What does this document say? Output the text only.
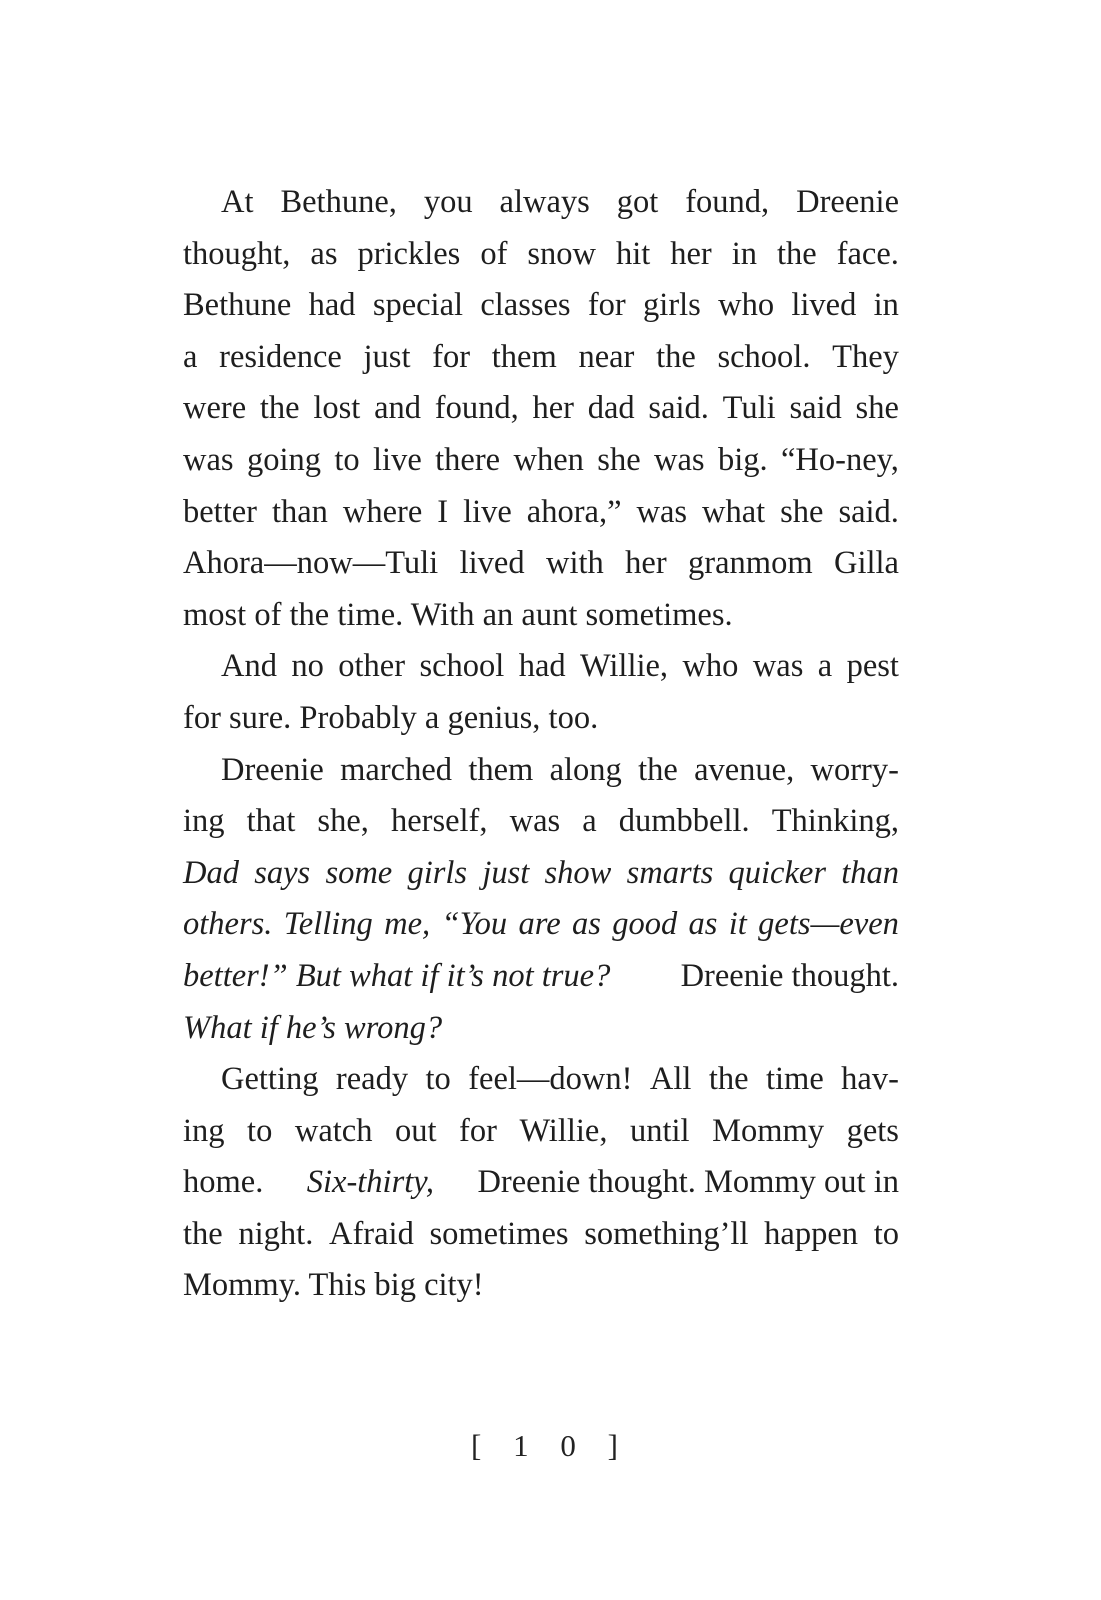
At Bethune, you always got found, Dreenie
thought, as prickles of snow hit her in the face.
Bethune had special classes for girls who lived in
a residence just for them near the school. They
were the lost and found, her dad said. Tuli said she
was going to live there when she was big. “Ho-ney,
better than where I live ahora,” was what she said.
Ahora—now—Tuli lived with her granmom Gilla
most of the time. With an aunt sometimes.
And no other school had Willie, who was a pest
for sure. Probably a genius, too.
Dreenie marched them along the avenue, worry-
ing that she, herself, was a dumbbell. Thinking,
Dad says some girls just show smarts quicker than
others. Telling me, “You are as good as it gets—even
better!” But what if it’s not true? Dreenie thought.
What if he’s wrong?
Getting ready to feel—down! All the time hav-
ing to watch out for Willie, until Mommy gets
home. Six-thirty, Dreenie thought. Mommy out in
the night. Afraid sometimes something’ll happen to
Mommy. This big city!
[ 1 0 ]
